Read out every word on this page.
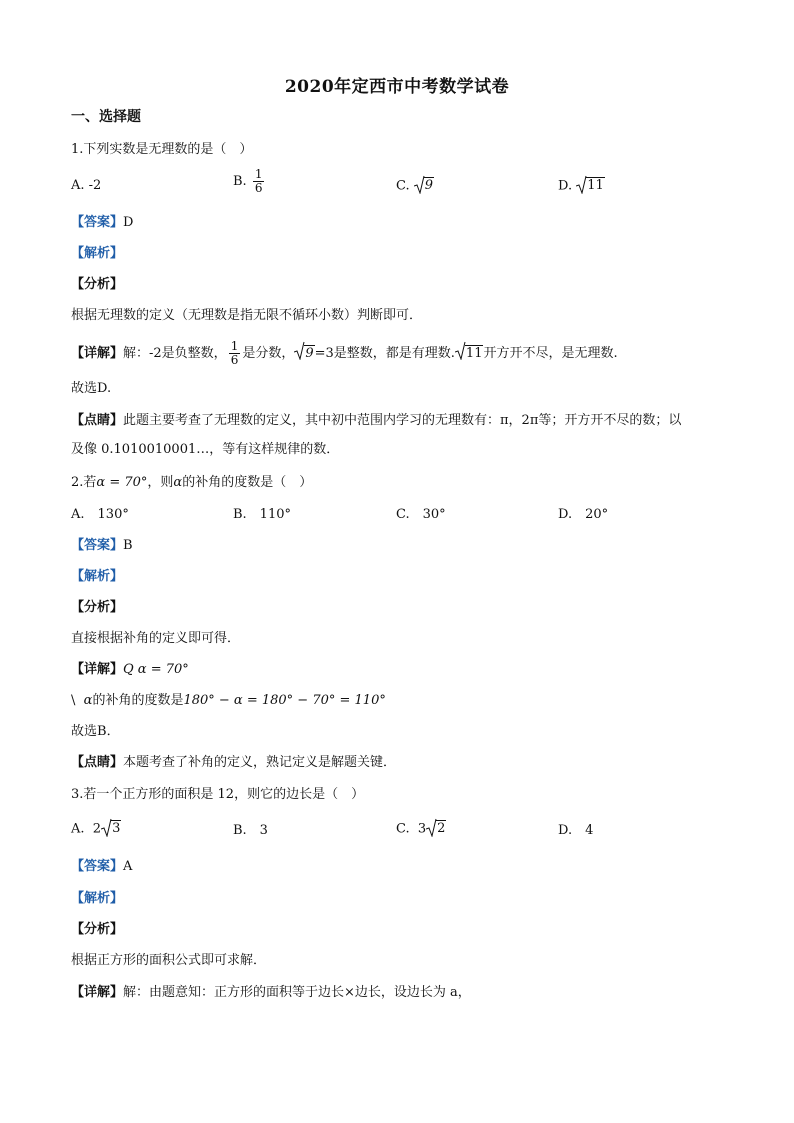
2020年定西市中考数学试卷
一、选择题
1.下列实数是无理数的是（　）
A. -2	B. $\frac{1}{6}$	C. 9	D. 11
【答案】D
【解析】
【分析】
根据无理数的定义（无理数是指无限不循环小数）判断即可．
【详解】解：-2是负整数， $\frac{1}{6}$ 是分数， 9=3是整数，都是有理数. 11开方开不尽，是无理数.
故选D.
【点睛】此题主要考查了无理数的定义，其中初中范围内学习的无理数有：π，2π等；开方开不尽的数；以
及像 0.1010010001…，等有这样规律的数．
2.若α = 70°，则α的补角的度数是（　）
A.　130°	B.　110°	C.　30°	D.　20°
【答案】B
【解析】
【分析】
直接根据补角的定义即可得．
【详解】Q α = 70°
\ α的补角的度数是180° − α = 180° − 70° = 110°
故选B．
【点睛】本题考查了补角的定义，熟记定义是解题关键．
3.若一个正方形的面积是 12，则它的边长是（　）
A. 2 3	B.　3	C. 3 2	D.　4
【答案】A
【解析】
【分析】
根据正方形的面积公式即可求解．
【详解】解：由题意知：正方形的面积等于边长×边长，设边长为 a，
